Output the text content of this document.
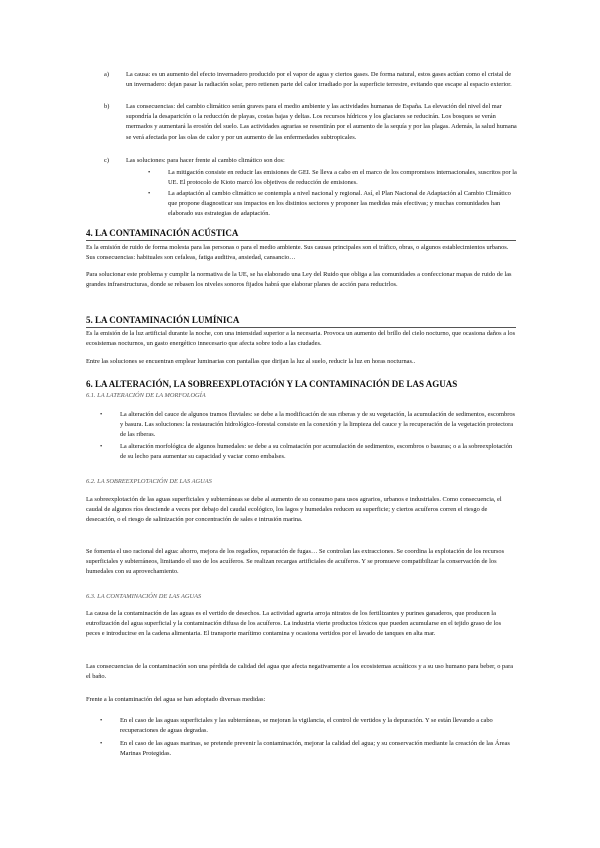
a)	La causa: es un aumento del efecto invernadero producido por el vapor de agua y ciertos gases. De forma natural, estos gases actúan como el cristal de un invernadero: dejan pasar la radiación solar, pero retienen parte del calor irradiado por la superficie terrestre, evitando que escape al espacio exterior.
b)	Las consecuencias: del cambio climático serán graves para el medio ambiente y las actividades humanas de España. La elevación del nivel del mar supondría la desaparición o la reducción de playas, costas bajas y deltas. Los recursos hídricos y los glaciares se reducirán. Los bosques se verán mermados y aumentará la erosión del suelo. Las actividades agrarias se resentirán por el aumento de la sequía y por las plagas. Además, la salud humana se verá afectada por las olas de calor y por un aumento de las enfermedades subtropicales.
c)	Las soluciones: para hacer frente al cambio climático son dos:
•	La mitigación consiste en reducir las emisiones de GEI. Se lleva a cabo en el marco de los compromisos internacionales, suscritos por la UE. El protocolo de Kioto marcó los objetivos de reducción de emisiones.
•	La adaptación al cambio climático se contempla a nivel nacional y regional. Así, el Plan Nacional de Adaptación al Cambio Climático que propone diagnosticar sus impactos en los distintos sectores y proponer las medidas más efectivas; y muchas comunidades han elaborado sus estrategias de adaptación.
4. LA CONTAMINACIÓN ACÚSTICA
Es la emisión de ruido de forma molesta para las personas o para el medio ambiente. Sus causas principales son el tráfico, obras, o algunos establecimientos urbanos. Sus consecuencias: habituales son cefaleas, fatiga auditiva, ansiedad, cansancio…
Para solucionar este problema y cumplir la normativa de la UE, se ha elaborado una Ley del Ruido que obliga a las comunidades a confeccionar mapas de ruido de las grandes infraestructuras, donde se rebasen los niveles sonoros fijados habrá que elaborar planes de acción para reducirlos.
5. LA CONTAMINACIÓN LUMÍNICA
Es la emisión de la luz artificial durante la noche, con una intensidad superior a la necesaria. Provoca un aumento del brillo del cielo nocturno, que ocasiona daños a los ecosistemas nocturnos, un gasto energético innecesario que afecta sobre todo a las ciudades.
Entre las soluciones se encuentran emplear luminarias con pantallas que dirijan la luz al suelo, reducir la luz en horas nocturnas..
6. LA ALTERACIÓN, LA SOBREEXPLOTACIÓN Y LA CONTAMINACIÓN DE LAS AGUAS
6.1. LA LATERACIÓN DE LA MORFOLOGÍA
•	La alteración del cauce de algunos tramos fluviales: se debe a la modificación de sus riberas y de su vegetación, la acumulación de sedimentos, escombros y basura. Las soluciones: la restauración hidrológico-forestal consiste en la conexión y la limpieza del cauce y la recuperación de la vegetación protectora de las riberas.
•	La alteración morfológica de algunos humedales: se debe a su colmatación por acumulación de sedimentos, escombros o basuras; o a la sobreexplotación de su lecho para aumentar su capacidad y vaciar como embalses.
6.2. LA SOBREEXPLOTACIÓN DE LAS AGUAS
La sobreexplotación de las aguas superficiales y subterráneas se debe al aumento de su consumo para usos agrarios, urbanos e industriales. Como consecuencia, el caudal de algunos ríos desciende a veces por debajo del caudal ecológico, los lagos y humedales reducen su superficie; y ciertos acuíferos corren el riesgo de desecación, o el riesgo de salinización por concentración de sales e intrusión marina.
Se fomenta el uso racional del agua: ahorro, mejora de los regadíos, reparación de fugas… Se controlan las extracciones. Se coordina la explotación de los recursos superficiales y subterráneos, limitando el uso de los acuíferos. Se realizan recargas artificiales de acuíferos. Y se promueve compatibilizar la conservación de los humedales con su aprovechamiento.
6.3. LA CONTAMINACIÓN DE LAS AGUAS
La causa de la contaminación de las aguas es el vertido de desechos. La actividad agraria arroja nitratos de los fertilizantes y purines ganaderos, que producen la eutrofización del agua superficial y la contaminación difusa de los acuíferos. La industria vierte productos tóxicos que pueden acumularse en el tejido graso de los peces e introducirse en la cadena alimentaria. El transporte marítimo contamina y ocasiona vertidos por el lavado de tanques en alta mar.
Las consecuencias de la contaminación son una pérdida de calidad del agua que afecta negativamente a los ecosistemas acuáticos y a su uso humano para beber, o para el baño.
Frente a la contaminación del agua se han adoptado diversas medidas:
•	En el caso de las aguas superficiales y las subterráneas, se mejoran la vigilancia, el control de vertidos y la depuración. Y se están llevando a cabo recuperaciones de aguas degradas.
•	En el caso de las aguas marinas, se pretende prevenir la contaminación, mejorar la calidad del agua; y su conservación mediante la creación de las Áreas Marinas Protegidas.
